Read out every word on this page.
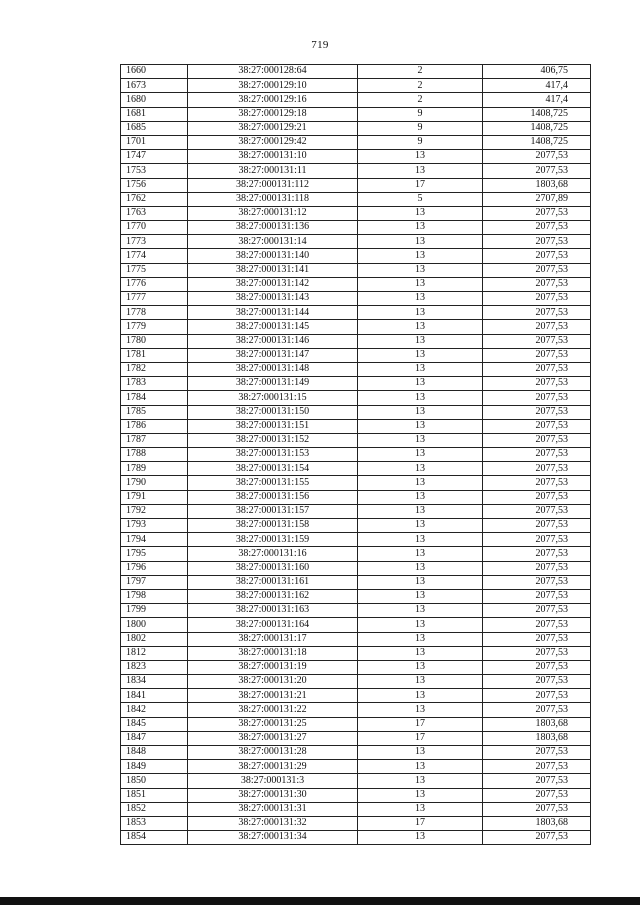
719
1660	38:27:000128:64	2	406,75
1673	38:27:000129:10	2	417,4
1680	38:27:000129:16	2	417,4
1681	38:27:000129:18	9	1408,725
1685	38:27:000129:21	9	1408,725
1701	38:27:000129:42	9	1408,725
1747	38:27:000131:10	13	2077,53
1753	38:27:000131:11	13	2077,53
1756	38:27:000131:112	17	1803,68
1762	38:27:000131:118	5	2707,89
1763	38:27:000131:12	13	2077,53
1770	38:27:000131:136	13	2077,53
1773	38:27:000131:14	13	2077,53
1774	38:27:000131:140	13	2077,53
1775	38:27:000131:141	13	2077,53
1776	38:27:000131:142	13	2077,53
1777	38:27:000131:143	13	2077,53
1778	38:27:000131:144	13	2077,53
1779	38:27:000131:145	13	2077,53
1780	38:27:000131:146	13	2077,53
1781	38:27:000131:147	13	2077,53
1782	38:27:000131:148	13	2077,53
1783	38:27:000131:149	13	2077,53
1784	38:27:000131:15	13	2077,53
1785	38:27:000131:150	13	2077,53
1786	38:27:000131:151	13	2077,53
1787	38:27:000131:152	13	2077,53
1788	38:27:000131:153	13	2077,53
1789	38:27:000131:154	13	2077,53
1790	38:27:000131:155	13	2077,53
1791	38:27:000131:156	13	2077,53
1792	38:27:000131:157	13	2077,53
1793	38:27:000131:158	13	2077,53
1794	38:27:000131:159	13	2077,53
1795	38:27:000131:16	13	2077,53
1796	38:27:000131:160	13	2077,53
1797	38:27:000131:161	13	2077,53
1798	38:27:000131:162	13	2077,53
1799	38:27:000131:163	13	2077,53
1800	38:27:000131:164	13	2077,53
1802	38:27:000131:17	13	2077,53
1812	38:27:000131:18	13	2077,53
1823	38:27:000131:19	13	2077,53
1834	38:27:000131:20	13	2077,53
1841	38:27:000131:21	13	2077,53
1842	38:27:000131:22	13	2077,53
1845	38:27:000131:25	17	1803,68
1847	38:27:000131:27	17	1803,68
1848	38:27:000131:28	13	2077,53
1849	38:27:000131:29	13	2077,53
1850	38:27:000131:3	13	2077,53
1851	38:27:000131:30	13	2077,53
1852	38:27:000131:31	13	2077,53
1853	38:27:000131:32	17	1803,68
1854	38:27:000131:34	13	2077,53
